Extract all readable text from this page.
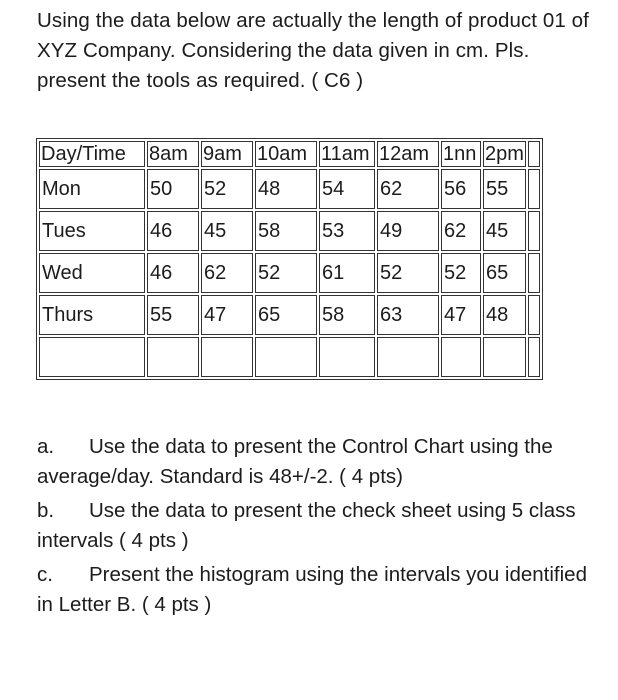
Using the data below are actually the length of product 01 of XYZ Company. Considering the data given in cm. Pls. present the tools as required. ( C6 )
Day/Time	8am	9am	10am	11am	12am	1nn	2pm	
Mon	50	52	48	54	62	56	55	
Tues	46	45	58	53	49	62	45	
Wed	46	62	52	61	52	52	65	
Thurs	55	47	65	58	63	47	48	

a. Use the data to present the Control Chart using the average/day. Standard is 48+/-2. ( 4 pts)

b. Use the data to present the check sheet using 5 class intervals ( 4 pts )

c. Present the histogram using the intervals you identified in Letter B. ( 4 pts )
